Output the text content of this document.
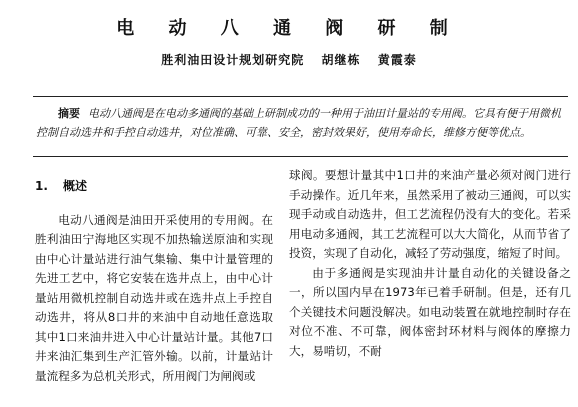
电 动 八 通 阀 研 制
胜利油田设计规划研究院 胡继栋 黄霞泰
摘要 电动八通阀是在电动多通阀的基础上研制成功的一种用于油田计量站的专用阀。它具有便于用微机控制自动选井和手控自动选井，对位准确、可靠、安全，密封效果好，使用寿命长，维修方便等优点。
1. 概述

电动八通阀是油田开采使用的专用阀。在胜利油田宁海地区实现不加热输送原油和实现由中心计量站进行油气集输、集中计量管理的先进工艺中，将它安装在选井点上，由中心计量站用微机控制自动选井或在选井点上手控自动选井，将从8口井的来油中自动地任意选取其中1口来油井进入中心计量站计量。其他7口井来油汇集到生产汇管外输。以前，计量站计量流程多为总机关形式，所用阀门为闸阀或

球阀。要想计量其中1口井的来油产量必须对阀门进行手动操作。近几年来，虽然采用了被动三通阀，可以实现手动或自动选井，但工艺流程仍没有大的变化。若采用电动多通阀，其工艺流程可以大大简化，从而节省了投资，实现了自动化，减轻了劳动强度，缩短了时间。

由于多通阀是实现油井计量自动化的关键设备之一，所以国内早在1973年已着手研制。但是，还有几个关键技术问题没解决。如电动装置在就地控制时存在对位不准、不可靠，阀体密封环材料与阀体的摩擦力大，易啃切，不耐
